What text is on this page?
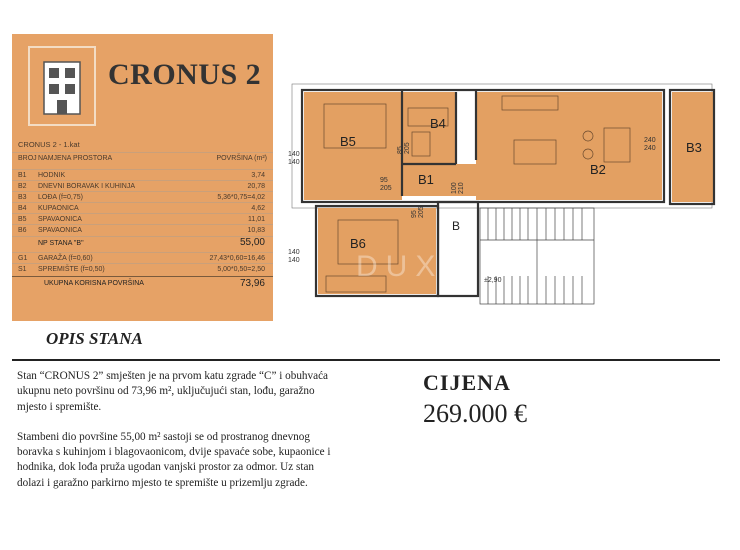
CRONUS 2
CRONUS 2 - 1.kat
BROJ NAMJENA PROSTORA	POVRŠINA (m²)
B1 HODNIK	3,74
B2 DNEVNI BORAVAK I KUHINJA	20,78
B3 LOĐA (f=0,75)	5,36*0,75=4,02
B4 KUPAONICA	4,62
B5 SPAVAONICA	11,01
B6 SPAVAONICA	10,83
NP STANA "B"	55,00
G1 GARAŽA (f=0,60)	27,43*0,60=16,46
S1 SPREMIŠTE (f=0,50)	5,00*0,50=2,50
UKUPNA KORISNA POVRŠINA	73,96
B5
B4
B1
B2
B3
B6
B
140
140
140
140
95
205
85 205
100 210
95 205
240
240
±2,90
DUX
OPIS STANA

Stan “CRONUS 2” smješten je na prvom katu zgrade “C” i obuhvaća ukupnu neto površinu od 73,96 m², uključujući stan, lođu, garažno mjesto i spremište.

Stambeni dio površine 55,00 m² sastoji se od prostranog dnevnog boravka s kuhinjom i blagovaonicom, dvije spavaće sobe, kupaonice i hodnika, dok lođa pruža ugodan vanjski prostor za odmor. Uz stan dolazi i garažno parkirno mjesto te spremište u prizemlju zgrade.

CIJENA
269.000 €
